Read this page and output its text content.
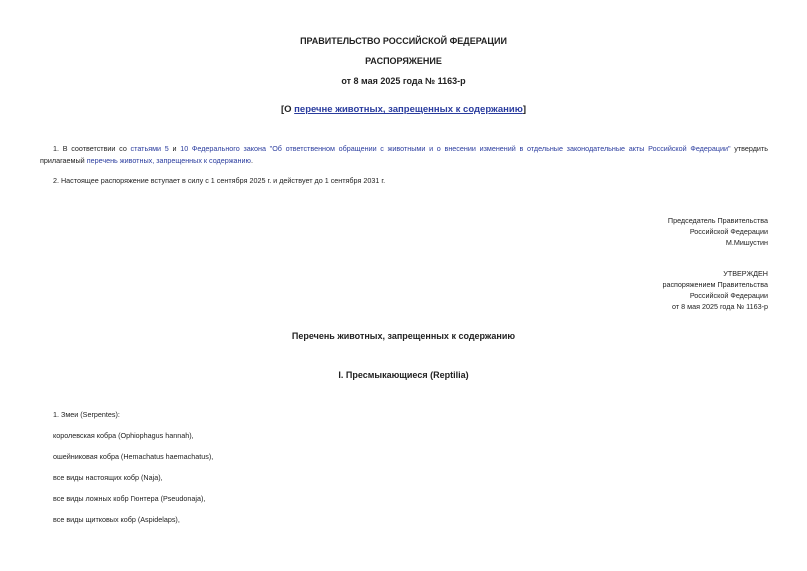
ПРАВИТЕЛЬСТВО РОССИЙСКОЙ ФЕДЕРАЦИИ
РАСПОРЯЖЕНИЕ
от 8 мая 2025 года № 1163-р
[О перечне животных, запрещенных к содержанию]
1. В соответствии со статьями 5 и 10 Федерального закона "Об ответственном обращении с животными и о внесении изменений в отдельные законодательные акты Российской Федерации" утвердить прилагаемый перечень животных, запрещенных к содержанию.
2. Настоящее распоряжение вступает в силу с 1 сентября 2025 г. и действует до 1 сентября 2031 г.
Председатель Правительства
Российской Федерации
М.Мишустин
УТВЕРЖДЕН
распоряжением Правительства
Российской Федерации
от 8 мая 2025 года № 1163-р
Перечень животных, запрещенных к содержанию
I. Пресмыкающиеся (Reptilia)
1. Змеи (Serpentes):
королевская кобра (Ophiophagus hannah),
ошейниковая кобра (Hemachatus haemachatus),
все виды настоящих кобр (Naja),
все виды ложных кобр Гюнтера (Pseudonaja),
все виды щитковых кобр (Aspidelaps),
